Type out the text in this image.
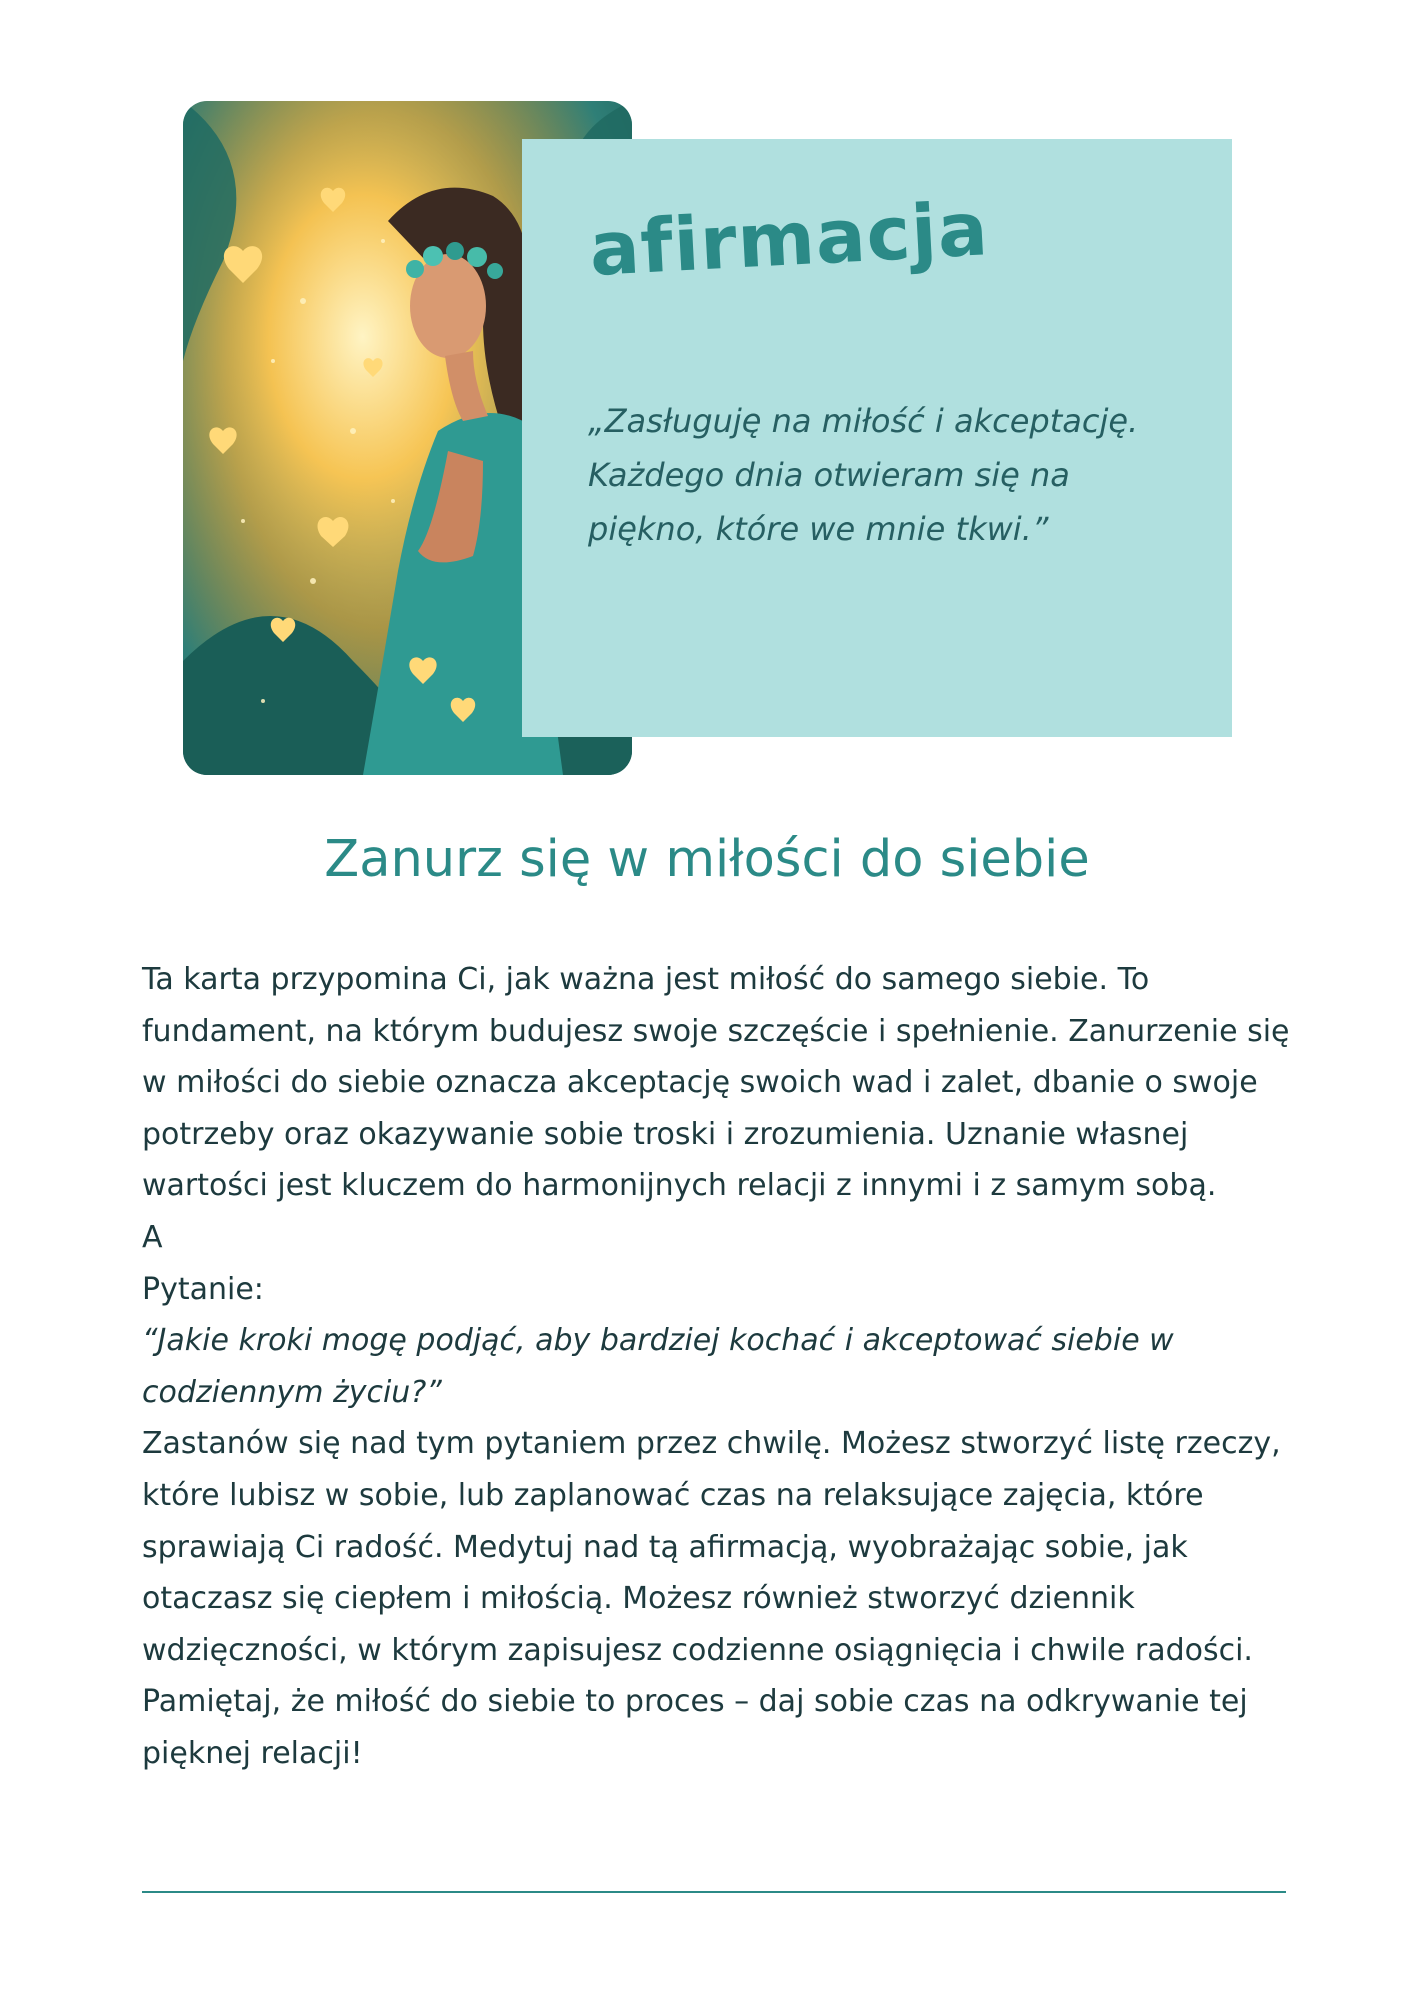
afirmacja

„Zasługuję na miłość i akceptację.
Każdego dnia otwieram się na
piękno, które we mnie tkwi.”

Zanurz się w miłości do siebie

Ta karta przypomina Ci, jak ważna jest miłość do samego siebie. To fundament, na którym budujesz swoje szczęście i spełnienie. Zanurzenie się w miłości do siebie oznacza akceptację swoich wad i zalet, dbanie o swoje potrzeby oraz okazywanie sobie troski i zrozumienia. Uznanie własnej wartości jest kluczem do harmonijnych relacji z innymi i z samym sobą.

A

Pytanie:

“Jakie kroki mogę podjąć, aby bardziej kochać i akceptować siebie w codziennym życiu?”

Zastanów się nad tym pytaniem przez chwilę. Możesz stworzyć listę rzeczy, które lubisz w sobie, lub zaplanować czas na relaksujące zajęcia, które sprawiają Ci radość. Medytuj nad tą afirmacją, wyobrażając sobie, jak otaczasz się ciepłem i miłością. Możesz również stworzyć dziennik wdzięczności, w którym zapisujesz codzienne osiągnięcia i chwile radości.

Pamiętaj, że miłość do siebie to proces – daj sobie czas na odkrywanie tej pięknej relacji!
